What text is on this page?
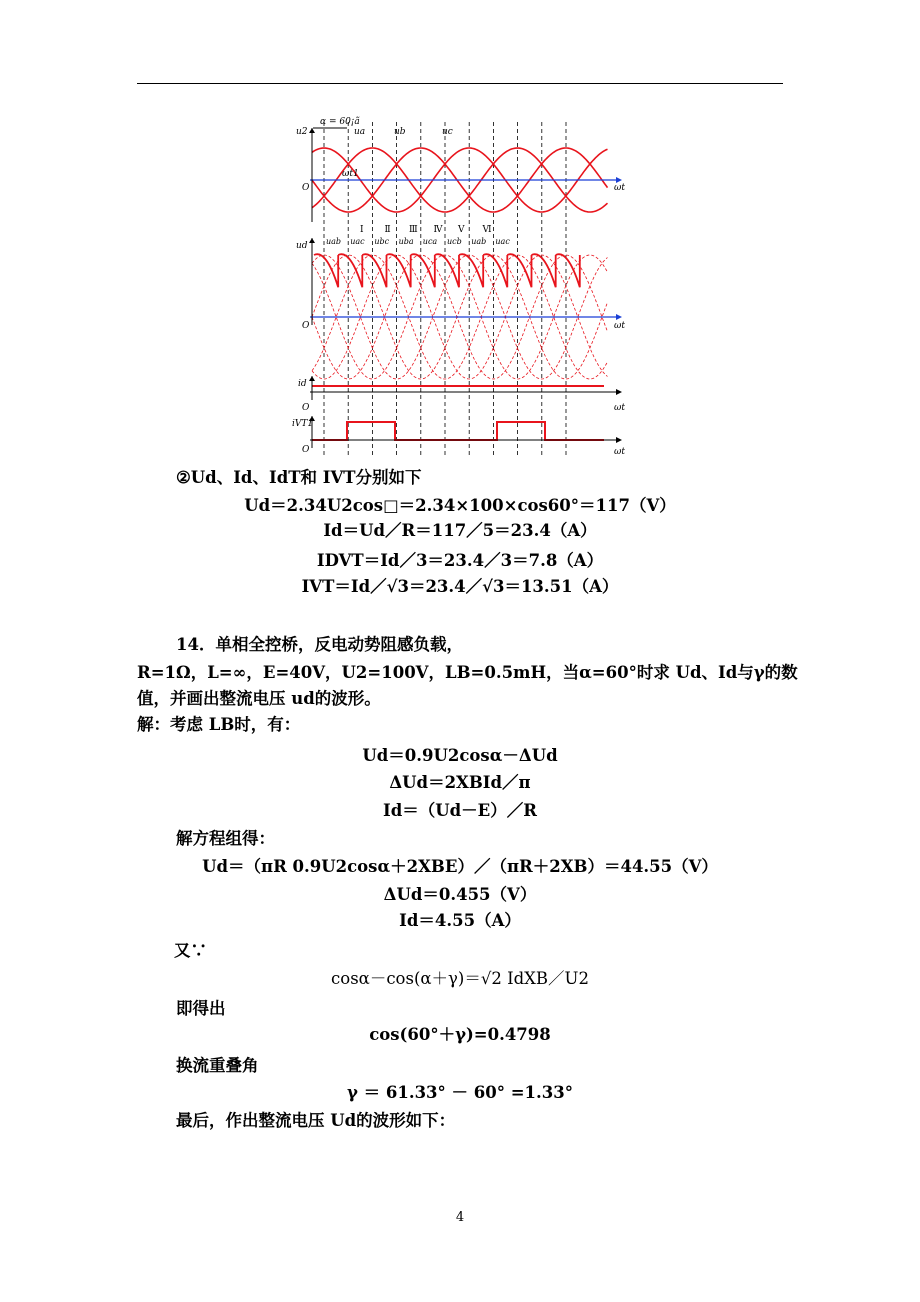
α = 60¡ã
u2	ua	ub	uc
ωt1
O	ωt
Ⅰ Ⅱ Ⅲ Ⅳ Ⅴ Ⅵ
ud uab uac ubc uba uca ucb uab uac
O	ωt
id
O	ωt
iVT1
O	ωt
②Ud、Id、IdT和 IVT分别如下
Ud＝2.34U2cos□＝2.34×100×cos60°＝117（V）
Id＝Ud／R＝117／5＝23.4（A）
IDVT＝Id／3＝23.4／3＝7.8（A）
IVT＝Id／√3＝23.4／√3＝13.51（A）
14．单相全控桥，反电动势阻感负载，
R=1Ω，L=∞，E=40V，U2=100V，LB=0.5mH，当α=60°时求 Ud、Id与γ的数
值，并画出整流电压 ud的波形。
解：考虑 LB时，有：
Ud＝0.9U2cosα－ΔUd
ΔUd＝2XBId／π
Id＝（Ud－E）／R
解方程组得：
Ud＝（πR 0.9U2cosα＋2XBE）／（πR＋2XB）＝44.55（V）
ΔUd＝0.455（V）
Id＝4.55（A）
又∵
cosα－cos(α＋γ)＝√2 IdXB／U2
即得出
cos(60°＋γ)=0.4798
换流重叠角
γ ＝ 61.33° － 60° =1.33°
最后，作出整流电压 Ud的波形如下：
4
